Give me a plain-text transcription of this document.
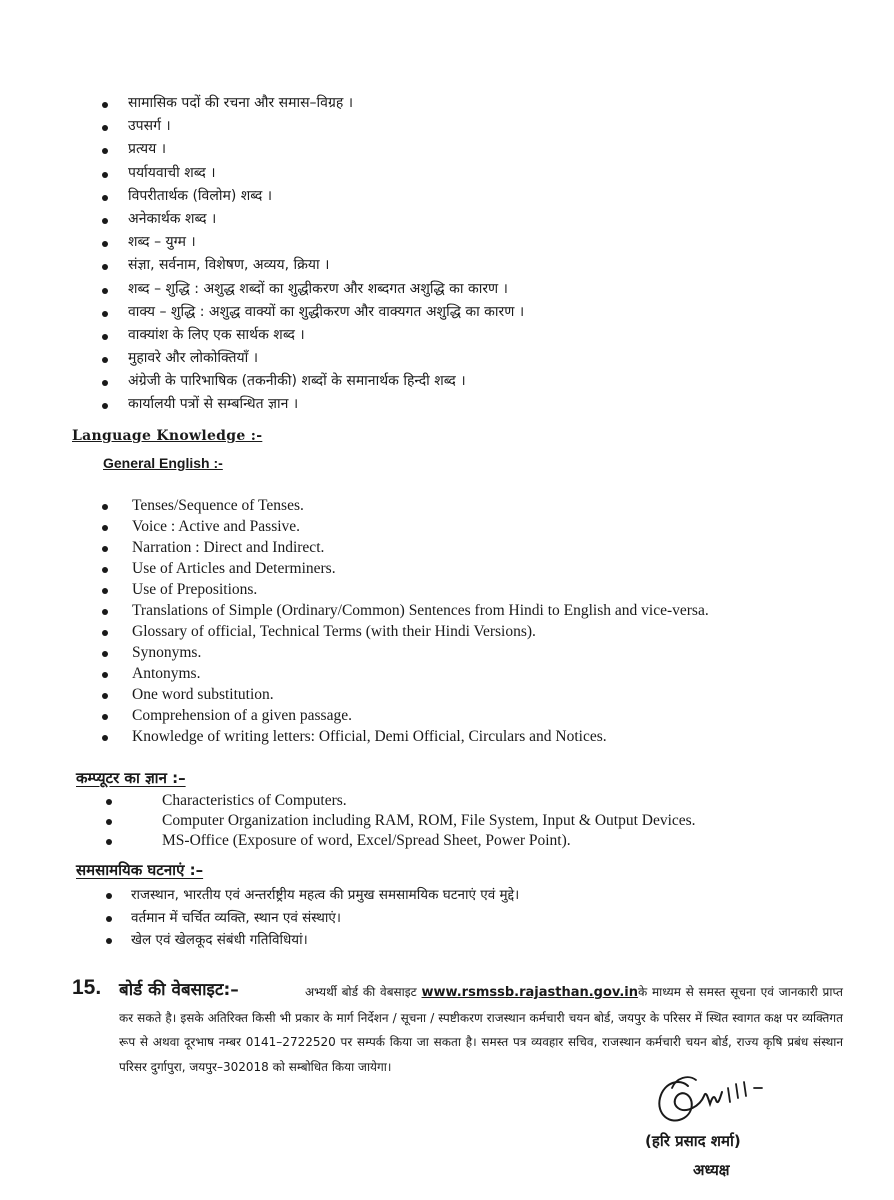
सामासिक पदों की रचना और समास–विग्रह ।
उपसर्ग ।
प्रत्यय ।
पर्यायवाची शब्द ।
विपरीतार्थक (विलोम) शब्द ।
अनेकार्थक शब्द ।
शब्द – युग्म ।
संज्ञा, सर्वनाम, विशेषण, अव्यय, क्रिया ।
शब्द – शुद्धि : अशुद्ध शब्दों का शुद्धीकरण और शब्दगत अशुद्धि का कारण ।
वाक्य – शुद्धि : अशुद्ध वाक्यों का शुद्धीकरण और वाक्यगत अशुद्धि का कारण ।
वाक्यांश के लिए एक सार्थक शब्द ।
मुहावरे और लोकोक्तियाँ ।
अंग्रेजी के पारिभाषिक (तकनीकी) शब्दों के समानार्थक हिन्दी शब्द ।
कार्यालयी पत्रों से सम्बन्धित ज्ञान ।
Language Knowledge :-
General English :-
Tenses/Sequence of Tenses.
Voice : Active and Passive.
Narration : Direct and Indirect.
Use of Articles and Determiners.
Use of Prepositions.
Translations of Simple (Ordinary/Common) Sentences from Hindi to English and vice-versa.
Glossary of official, Technical Terms (with their Hindi Versions).
Synonyms.
Antonyms.
One word substitution.
Comprehension of a given passage.
Knowledge of writing letters: Official, Demi Official, Circulars and Notices.
कम्प्यूटर का ज्ञान :–
Characteristics of Computers.
Computer Organization including RAM, ROM, File System, Input & Output Devices.
MS-Office (Exposure of word, Excel/Spread Sheet, Power Point).
समसामयिक घटनाएं :–
राजस्थान, भारतीय एवं अन्तर्राष्ट्रीय महत्व की प्रमुख समसामयिक घटनाएं एवं मुद्दे।
वर्तमान में चर्चित व्यक्ति, स्थान एवं संस्थाएं।
खेल एवं खेलकूद संबंधी गतिविधियां।
15. बोर्ड की वेबसाइट:–	अभ्यर्थी बोर्ड की वेबसाइट www.rsmssb.rajasthan.gov.inके माध्यम से समस्त सूचना एवं जानकारी प्राप्त कर सकते है। इसके अतिरिक्त किसी भी प्रकार के मार्ग निर्देशन / सूचना / स्पष्टीकरण राजस्थान कर्मचारी चयन बोर्ड, जयपुर के परिसर में स्थित स्वागत कक्ष पर व्यक्तिगत रूप से अथवा दूरभाष नम्बर 0141–2722520 पर सम्पर्क किया जा सकता है। समस्त पत्र व्यवहार सचिव, राजस्थान कर्मचारी चयन बोर्ड, राज्य कृषि प्रबंध संस्थान परिसर दुर्गापुरा, जयपुर–302018 को सम्बोधित किया जायेगा।
(हरि प्रसाद शर्मा)
अध्यक्ष
